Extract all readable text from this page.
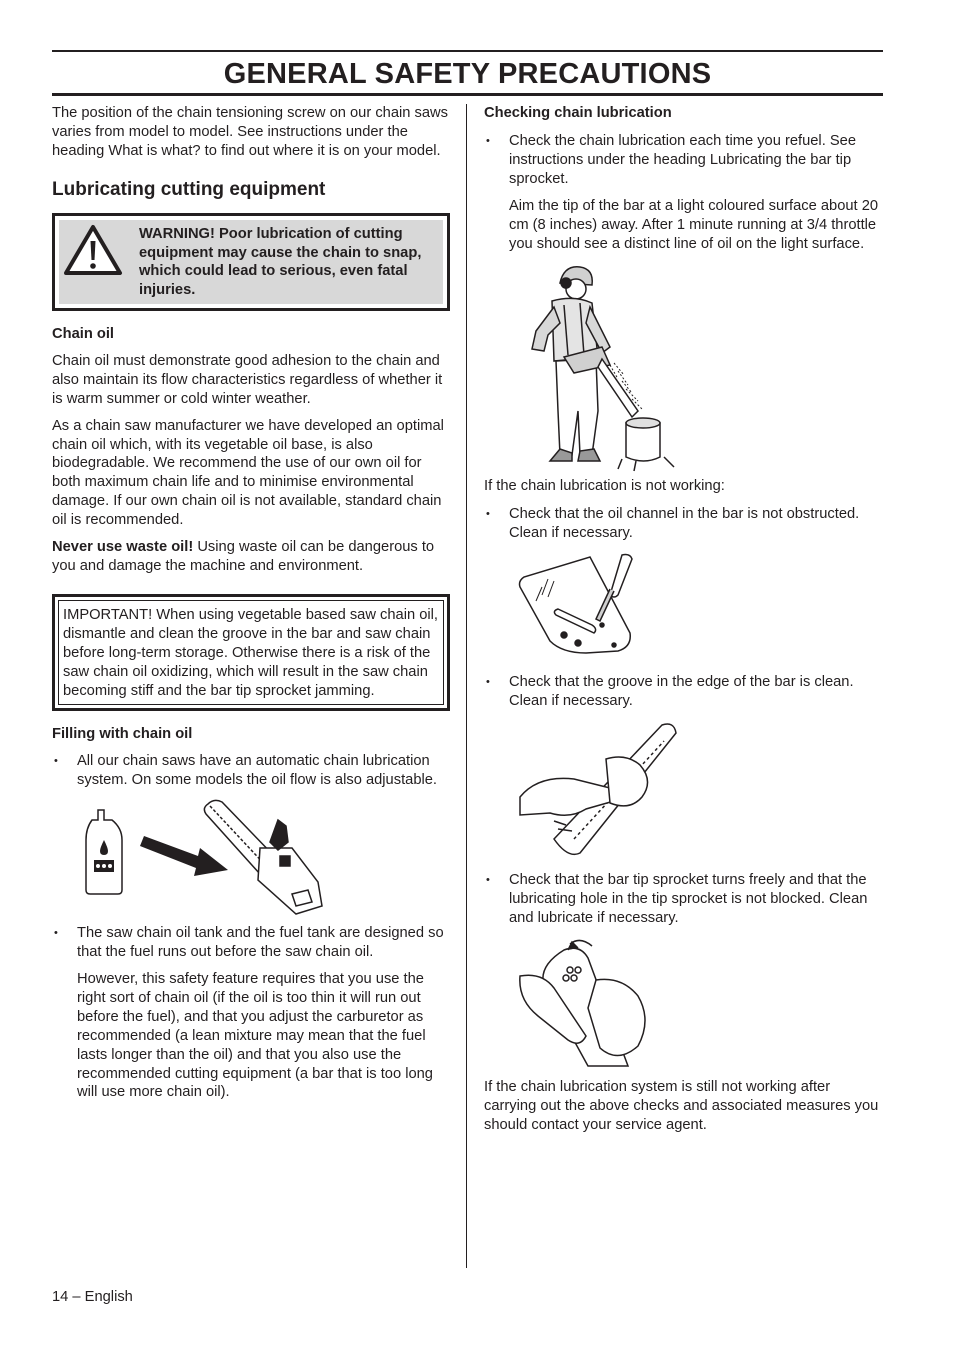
GENERAL SAFETY PRECAUTIONS

The position of the chain tensioning screw on our chain saws varies from model to model. See instructions under the heading What is what? to find out where it is on your model.

Lubricating cutting equipment
WARNING! Poor lubrication of cutting equipment may cause the chain to snap, which could lead to serious, even fatal injuries.
Chain oil

Chain oil must demonstrate good adhesion to the chain and also maintain its flow characteristics regardless of whether it is warm summer or cold winter weather.

As a chain saw manufacturer we have developed an optimal chain oil which, with its vegetable oil base, is also biodegradable. We recommend the use of our own oil for both maximum chain life and to minimise environmental damage. If our own chain oil is not available, standard chain oil is recommended.

Never use waste oil! Using waste oil can be dangerous to you and damage the machine and environment.

IMPORTANT! When using vegetable based saw chain oil, dismantle and clean the groove in the bar and saw chain before long-term storage. Otherwise there is a risk of the saw chain oil oxidizing, which will result in the saw chain becoming stiff and the bar tip sprocket jamming.
Filling with chain oil
• All our chain saws have an automatic chain lubrication system. On some models the oil flow is also adjustable.
• The saw chain oil tank and the fuel tank are designed so that the fuel runs out before the saw chain oil.

However, this safety feature requires that you use the right sort of chain oil (if the oil is too thin it will run out before the fuel), and that you adjust the carburetor as recommended (a lean mixture may mean that the fuel lasts longer than the oil) and that you also use the recommended cutting equipment (a bar that is too long will use more chain oil).

Checking chain lubrication
• Check the chain lubrication each time you refuel. See instructions under the heading Lubricating the bar tip sprocket.

Aim the tip of the bar at a light coloured surface about 20 cm (8 inches) away. After 1 minute running at 3/4 throttle you should see a distinct line of oil on the light surface.

If the chain lubrication is not working:

• Check that the oil channel in the bar is not obstructed. Clean if necessary.
• Check that the groove in the edge of the bar is clean. Clean if necessary.
• Check that the bar tip sprocket turns freely and that the lubricating hole in the tip sprocket is not blocked. Clean and lubricate if necessary.

If the chain lubrication system is still not working after carrying out the above checks and associated measures you should contact your service agent.

14 – English
